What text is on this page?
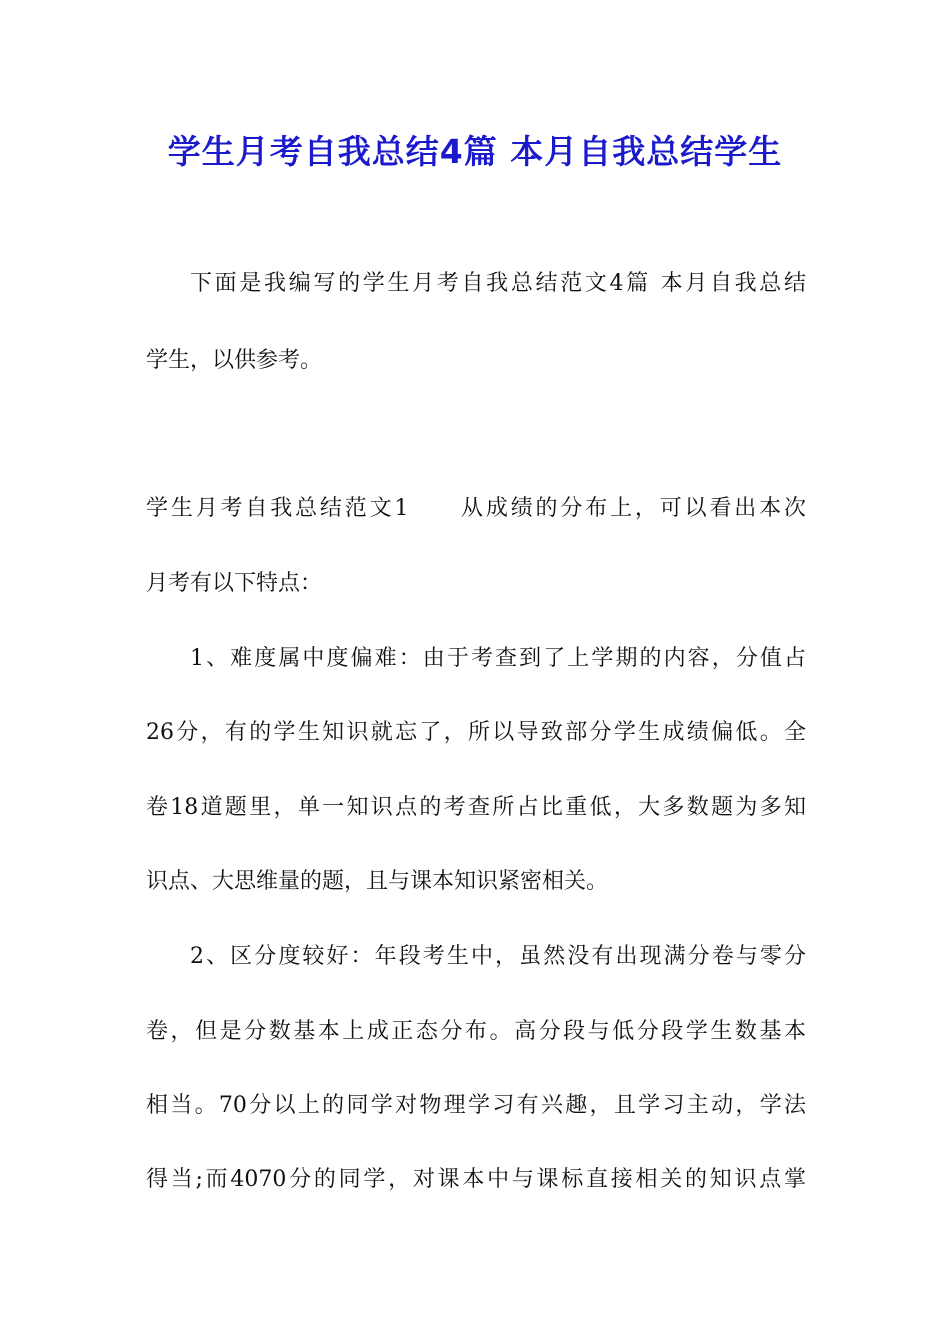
学生月考自我总结4篇 本月自我总结学生
下面是我编写的学生月考自我总结范文4篇 本月自我总结
学生，以供参考。
学生月考自我总结范文1　　从成绩的分布上，可以看出本次
月考有以下特点：
1、难度属中度偏难：由于考查到了上学期的内容，分值占
26分，有的学生知识就忘了，所以导致部分学生成绩偏低。全
卷18道题里，单一知识点的考查所占比重低，大多数题为多知
识点、大思维量的题，且与课本知识紧密相关。
2、区分度较好：年段考生中，虽然没有出现满分卷与零分
卷，但是分数基本上成正态分布。高分段与低分段学生数基本
相当。70分以上的同学对物理学习有兴趣，且学习主动，学法
得当;而4070分的同学，对课本中与课标直接相关的知识点掌
